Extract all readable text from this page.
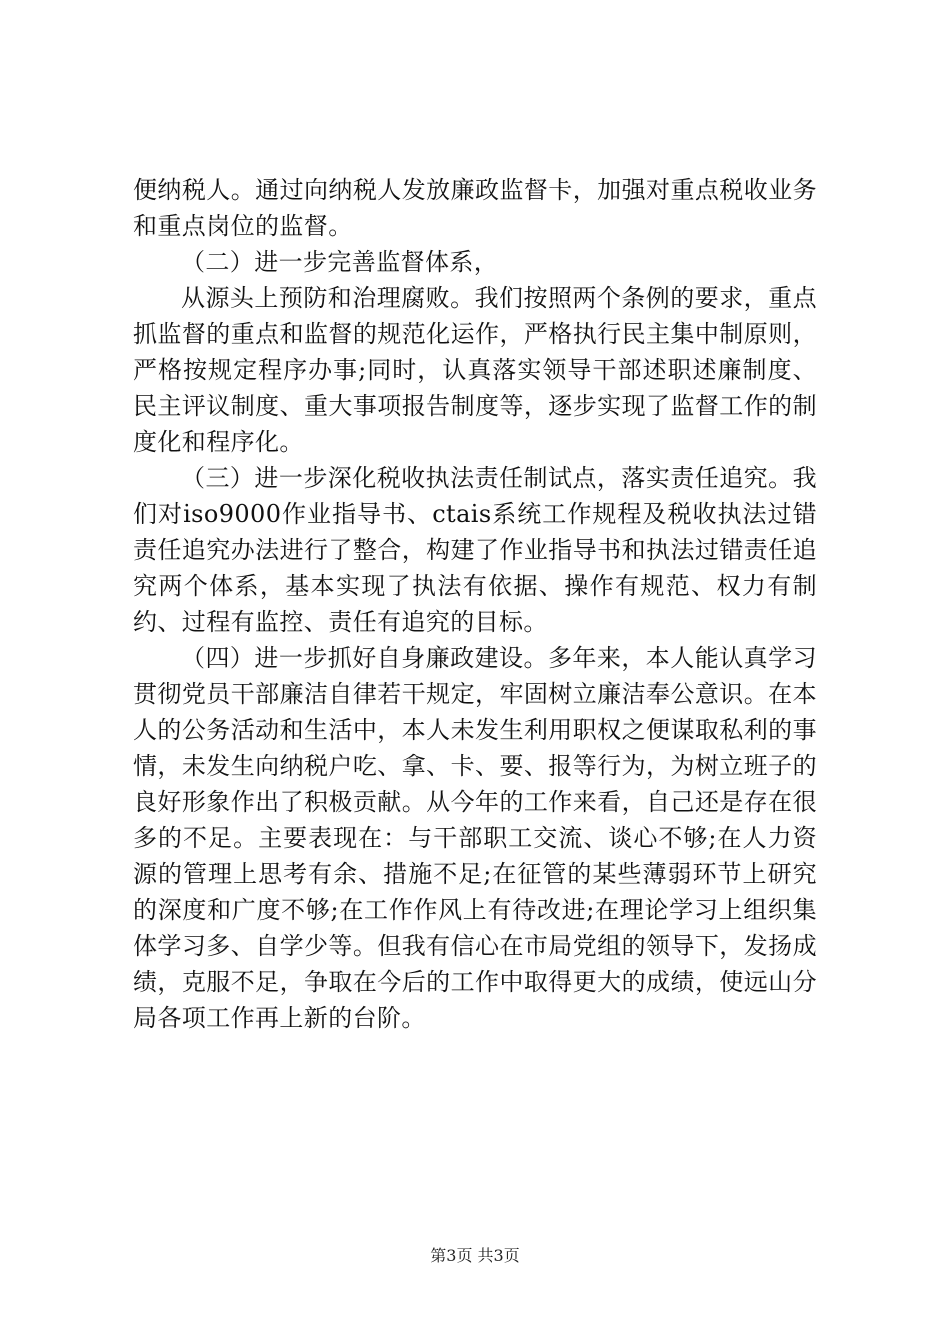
便纳税人。通过向纳税人发放廉政监督卡，加强对重点税收业务和重点岗位的监督。

（二）进一步完善监督体系，

从源头上预防和治理腐败。我们按照两个条例的要求，重点抓监督的重点和监督的规范化运作，严格执行民主集中制原则，严格按规定程序办事;同时，认真落实领导干部述职述廉制度、民主评议制度、重大事项报告制度等，逐步实现了监督工作的制度化和程序化。

（三）进一步深化税收执法责任制试点，落实责任追究。我们对iso9000作业指导书、ctais系统工作规程及税收执法过错责任追究办法进行了整合，构建了作业指导书和执法过错责任追究两个体系，基本实现了执法有依据、操作有规范、权力有制约、过程有监控、责任有追究的目标。

（四）进一步抓好自身廉政建设。多年来，本人能认真学习贯彻党员干部廉洁自律若干规定，牢固树立廉洁奉公意识。在本人的公务活动和生活中，本人未发生利用职权之便谋取私利的事情，未发生向纳税户吃、拿、卡、要、报等行为，为树立班子的良好形象作出了积极贡献。从今年的工作来看，自己还是存在很多的不足。主要表现在：与干部职工交流、谈心不够;在人力资源的管理上思考有余、措施不足;在征管的某些薄弱环节上研究的深度和广度不够;在工作作风上有待改进;在理论学习上组织集体学习多、自学少等。但我有信心在市局党组的领导下，发扬成绩，克服不足，争取在今后的工作中取得更大的成绩，使远山分局各项工作再上新的台阶。

第3页 共3页
